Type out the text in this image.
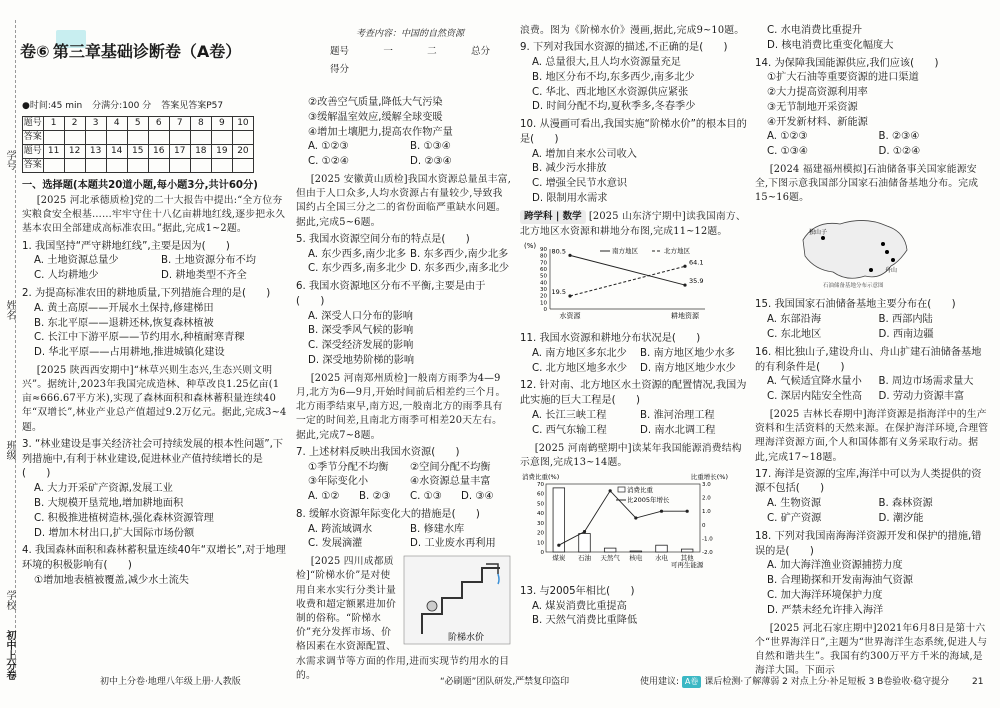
学号
姓名
班级
学校
初中上分卷
卷⑥ 第三章基础诊断卷（A卷）
●时间:45 min 分满分:100 分 答案见答案P57
题号	1	2	3	4	5	6	7	8	9	10
答案										
题号	11	12	13	14	15	16	17	18	19	20
答案										
一、选择题(本题共20道小题,每小题3分,共计60分)
[2025 河北承德质检]党的二十大报告中提出:“全方位夯实粮食安全根基……牢牢守住十八亿亩耕地红线,逐步把永久基本农田全部建成高标准农田。”据此,完成1~2题。
1. 我国坚持“严守耕地红线”,主要是因为(　　)
A. 土地资源总量少	B. 土地资源分布不均
C. 人均耕地少	D. 耕地类型不齐全
2. 为提高标准农田的耕地质量,下列措施合理的是(　　)
A. 黄土高原——开展水土保持,修建梯田
B. 东北平原——退耕还林,恢复森林植被
C. 长江中下游平原——节约用水,种植耐寒青稞
D. 华北平原——占用耕地,推进城镇化建设
[2025 陕西西安期中]“林草兴则生态兴,生态兴则文明兴”。据统计,2023年我国完成造林、种草改良1.25亿亩(1亩≈666.67平方米),实现了森林面积和森林蓄积量连续40年“双增长”,林业产业总产值超过9.2万亿元。据此,完成3~4题。
3. “林业建设是事关经济社会可持续发展的根本性问题”,下列措施中,有利于林业建设,促进林业产值持续增长的是(　　)
A. 大力开采矿产资源,发展工业
B. 大规模开垦荒地,增加耕地面积
C. 积极推进植树造林,强化森林资源管理
D. 增加木材出口,扩大国际市场份额
4. 我国森林面积和森林蓄积量连续40年“双增长”,对于地理环境的积极影响有(　　)
①增加地表植被覆盖,减少水土流失
考查内容：中国的自然资源
题号	一	二	总分
得分
②改善空气质量,降低大气污染
③缓解温室效应,缓解全球变暖
④增加土壤肥力,提高农作物产量
A. ①②③	B. ①③④
C. ①②④	D. ②③④
[2025 安徽黄山质检]我国水资源总量虽丰富,但由于人口众多,人均水资源占有量较少,导致我国约占全国三分之二的省份面临严重缺水问题。据此,完成5~6题。
5. 我国水资源空间分布的特点是(　　)
A. 东少西多,南少北多 B. 东多西少,南少北多
C. 东少西多,南多北少 D. 东多西少,南多北少
6. 我国水资源地区分布不平衡,主要是由于(　　)
A. 深受人口分布的影响
B. 深受季风气候的影响
C. 深受经济发展的影响
D. 深受地势阶梯的影响
[2025 河南郑州质检]一般南方雨季为4—9月,北方为6—9月,开始时间前后相差约三个月。北方雨季结束早,南方迟,一般南北方的雨季具有一定的时间差,且南北方雨季可相差20天左右。据此,完成7~8题。
7. 上述材料反映出我国水资源(　　)
①季节分配不均衡	②空间分配不均衡
③年际变化小	④水资源总量丰富
A. ①②	B. ②③	C. ①③	D. ③④
8. 缓解水资源年际变化大的措施是(　　)
A. 跨流域调水	B. 修建水库
C. 发展滴灌	D. 工业废水再利用
阶梯水价
[2025 四川成都质检]“阶梯水价”是对使用自来水实行分类计量收费和超定额累进加价制的俗称。“阶梯水价”充分发挥市场、价格因素在水资源配置、水需求调节等方面的作用,进而实现节约用水的目的。
浪费。图为《阶梯水价》漫画,据此,完成9~10题。
9. 下列对我国水资源的描述,不正确的是(　　)
A. 总量很大,且人均水资源量充足
B. 地区分布不均,东多西少,南多北少
C. 华北、西北地区水资源供应紧张
D. 时间分配不均,夏秋季多,冬春季少
10. 从漫画可看出,我国实施“阶梯水价”的根本目的是(　　)
A. 增加自来水公司收入
B. 减少污水排放
C. 增强全民节水意识
D. 限制用水需求
跨学科 | 数学 [2025 山东济宁期中]读我国南方、北方地区水资源和耕地分布图,完成11~12题。
(%)
0
10
20
30
40
50
60
70
80
90
水资源	耕地资源
80.5
35.9
19.5
64.1
南方地区	北方地区
11. 我国水资源和耕地分布状况是(　　)
A. 南方地区多东北少	B. 南方地区地少水多
C. 北方地区地多水少	D. 南方地区地少水少
12. 针对南、北方地区水土资源的配置情况,我国为此实施的巨大工程是(　　)
A. 长江三峡工程	B. 淮河治理工程
C. 西气东输工程	D. 南水北调工程
[2025 河南鹤壁期中]读某年我国能源消费结构示意图,完成13~14题。
消费比重(%)	比重增长(%)
0
10
20
30
40
50
60
70
-2.0
-1.0
0
1.0
2.0
3.0
煤炭 石油 天然气 核电 水电 其他
可再生能源
消费比重
比2005年增长
13. 与2005年相比(　　)
A. 煤炭消费比重提高
B. 天然气消费比重降低
C. 水电消费比重提升
D. 核电消费比重变化幅度大
14. 为保障我国能源供应,我们应该(　　)
①扩大石油等重要资源的进口渠道
②大力提高资源利用率
③无节制地开采资源
④开发新材料、新能源
A. ①②③	B. ②③④
C. ①③④	D. ①②④
[2024 福建福州模拟]石油储备事关国家能源安全,下图示意我国部分国家石油储备基地分布。完成15~16题。
独山子
舟山
石油储备基地分布示意图
15. 我国国家石油储备基地主要分布在(　　)
A. 东部沿海	B. 西部内陆
C. 东北地区	D. 西南边疆
16. 相比独山子,建设舟山、舟山扩建石油储备基地的有利条件是(　　)
A. 气候适宜降水量小	B. 周边市场需求量大
C. 深居内陆安全性高	D. 劳动力资源丰富
[2025 吉林长春期中]海洋资源是指海洋中的生产资料和生活资料的天然来源。在保护海洋环境,合理管理海洋资源方面,个人和国体都有义务采取行动。据此,完成17~18题。
17. 海洋是资源的宝库,海洋中可以为人类提供的资源不包括(　　)
A. 生物资源	B. 森林资源
C. 矿产资源	D. 潮汐能
18. 下列对我国南海海洋资源开发和保护的措施,错误的是(　　)
A. 加大海洋渔业资源捕捞力度
B. 合理勘探和开发南海油气资源
C. 加大海洋环境保护力度
D. 严禁未经允许排入海洋
[2025 河北石家庄期中]2021年6月8日是第十六个“世界海洋日”,主题为“世界海洋生态系统,促进人与自然和谐共生”。我国有约300万平方千米的海域,是海洋大国。下面示
初中上分卷·地理八年级上册·人教版	“必刷题”团队研发,严禁复印盗印	使用建议: A卷 课后检测·了解薄弱 2 对点上分·补足短板 3 B卷验收·稳守提分	21
